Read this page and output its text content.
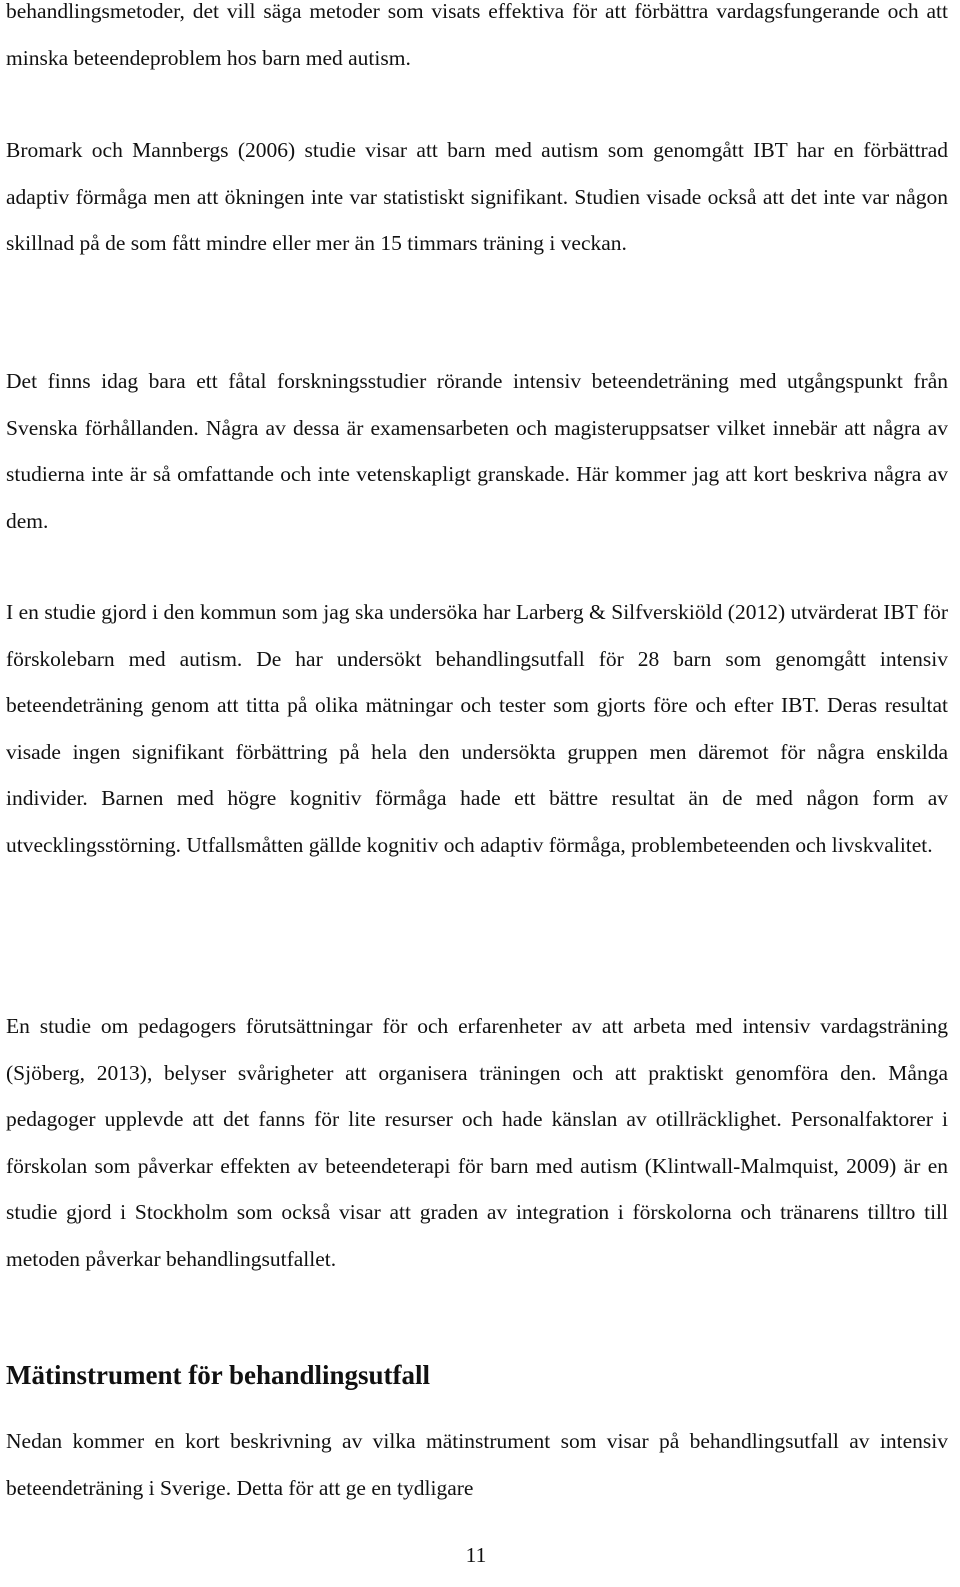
behandlingsmetoder, det vill säga metoder som visats effektiva för att förbättra vardagsfungerande och att minska beteendeproblem hos barn med autism.

Bromark och Mannbergs (2006) studie visar att barn med autism som genomgått IBT har en förbättrad adaptiv förmåga men att ökningen inte var statistiskt signifikant. Studien visade också att det inte var någon skillnad på de som fått mindre eller mer än 15 timmars träning i veckan.

Det finns idag bara ett fåtal forskningsstudier rörande intensiv beteendeträning med utgångspunkt från Svenska förhållanden. Några av dessa är examensarbeten och magisteruppsatser vilket innebär att några av studierna inte är så omfattande och inte vetenskapligt granskade. Här kommer jag att kort beskriva några av dem.

I en studie gjord i den kommun som jag ska undersöka har Larberg & Silfverskiöld (2012) utvärderat IBT för förskolebarn med autism. De har undersökt behandlingsutfall för 28 barn som genomgått intensiv beteendeträning genom att titta på olika mätningar och tester som gjorts före och efter IBT. Deras resultat visade ingen signifikant förbättring på hela den undersökta gruppen men däremot för några enskilda individer. Barnen med högre kognitiv förmåga hade ett bättre resultat än de med någon form av utvecklingsstörning. Utfallsmåtten gällde kognitiv och adaptiv förmåga, problembeteenden och livskvalitet.

En studie om pedagogers förutsättningar för och erfarenheter av att arbeta med intensiv vardagsträning (Sjöberg, 2013), belyser svårigheter att organisera träningen och att praktiskt genomföra den. Många pedagoger upplevde att det fanns för lite resurser och hade känslan av otillräcklighet. Personalfaktorer i förskolan som påverkar effekten av beteendeterapi för barn med autism (Klintwall-Malmquist, 2009) är en studie gjord i Stockholm som också visar att graden av integration i förskolorna och tränarens tilltro till metoden påverkar behandlingsutfallet.

Mätinstrument för behandlingsutfall

Nedan kommer en kort beskrivning av vilka mätinstrument som visar på behandlingsutfall av intensiv beteendeträning i Sverige. Detta för att ge en tydligare

11
